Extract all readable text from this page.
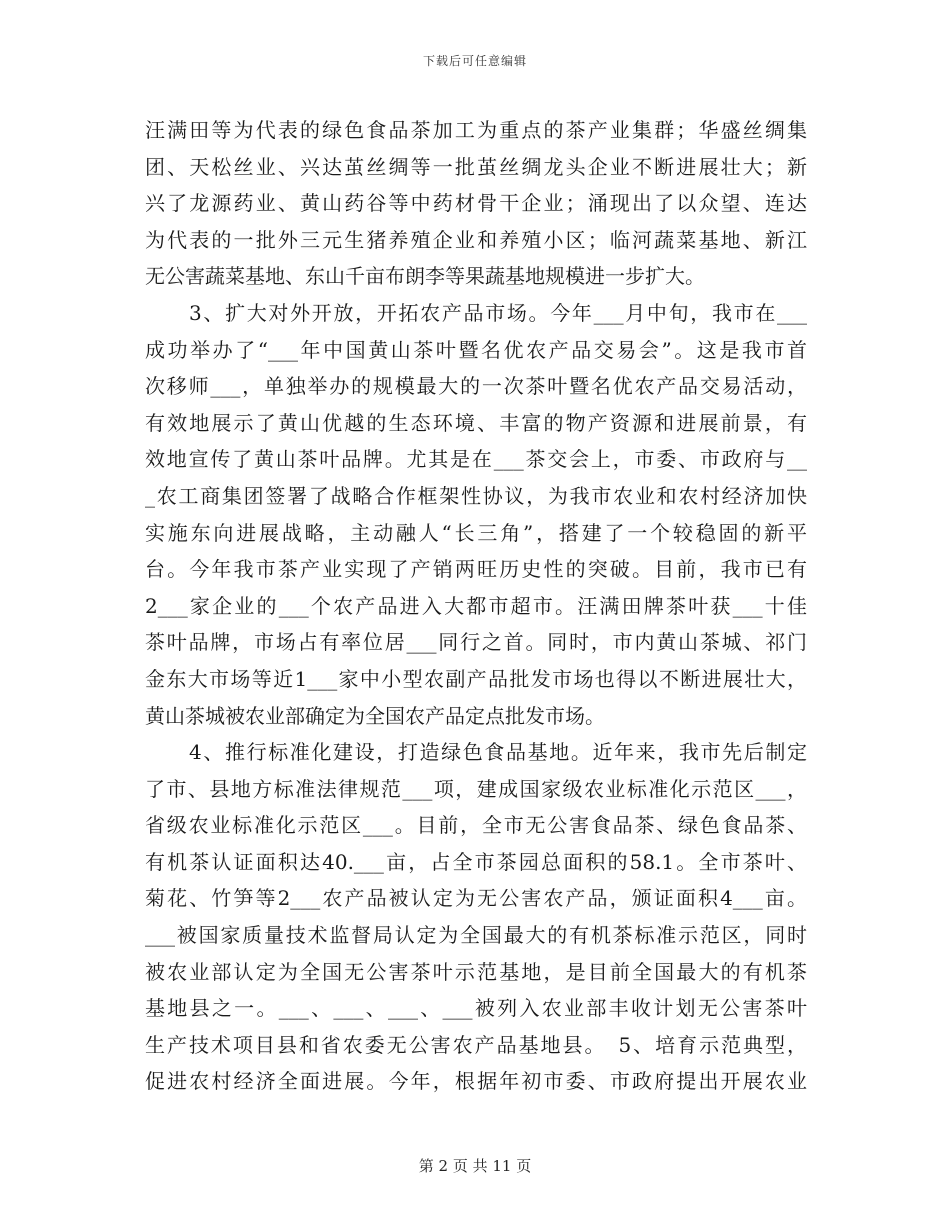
下载后可任意编辑
汪满田等为代表的绿色食品茶加工为重点的茶产业集群；华盛丝绸集
团、天松丝业、兴达茧丝绸等一批茧丝绸龙头企业不断进展壮大；新
兴了龙源药业、黄山药谷等中药材骨干企业；涌现出了以众望、连达
为代表的一批外三元生猪养殖企业和养殖小区；临河蔬菜基地、新江
无公害蔬菜基地、东山千亩布朗李等果蔬基地规模进一步扩大。
3、扩大对外开放，开拓农产品市场。今年___月中旬，我市在___
成功举办了“___年中国黄山茶叶暨名优农产品交易会”。这是我市首
次移师___，单独举办的规模最大的一次茶叶暨名优农产品交易活动，
有效地展示了黄山优越的生态环境、丰富的物产资源和进展前景，有
效地宣传了黄山茶叶品牌。尤其是在___茶交会上，市委、市政府与__
_农工商集团签署了战略合作框架性协议，为我市农业和农村经济加快
实施东向进展战略，主动融人“长三角”，搭建了一个较稳固的新平
台。今年我市茶产业实现了产销两旺历史性的突破。目前，我市已有
2___家企业的___个农产品进入大都市超市。汪满田牌茶叶获___十佳
茶叶品牌，市场占有率位居___同行之首。同时，市内黄山茶城、祁门
金东大市场等近1___家中小型农副产品批发市场也得以不断进展壮大，
黄山茶城被农业部确定为全国农产品定点批发市场。
4、推行标准化建设，打造绿色食品基地。近年来，我市先后制定
了市、县地方标准法律规范___项，建成国家级农业标准化示范区___，
省级农业标准化示范区___。目前，全市无公害食品茶、绿色食品茶、
有机茶认证面积达40.___亩，占全市茶园总面积的58.1。全市茶叶、
菊花、竹笋等2___农产品被认定为无公害农产品，颁证面积4___亩。
___被国家质量技术监督局认定为全国最大的有机茶标准示范区，同时
被农业部认定为全国无公害茶叶示范基地，是目前全国最大的有机茶
基地县之一。___、___、___、___被列入农业部丰收计划无公害茶叶
生产技术项目县和省农委无公害农产品基地县。　5、培育示范典型，
促进农村经济全面进展。今年，根据年初市委、市政府提出开展农业
第 2 页 共 11 页
